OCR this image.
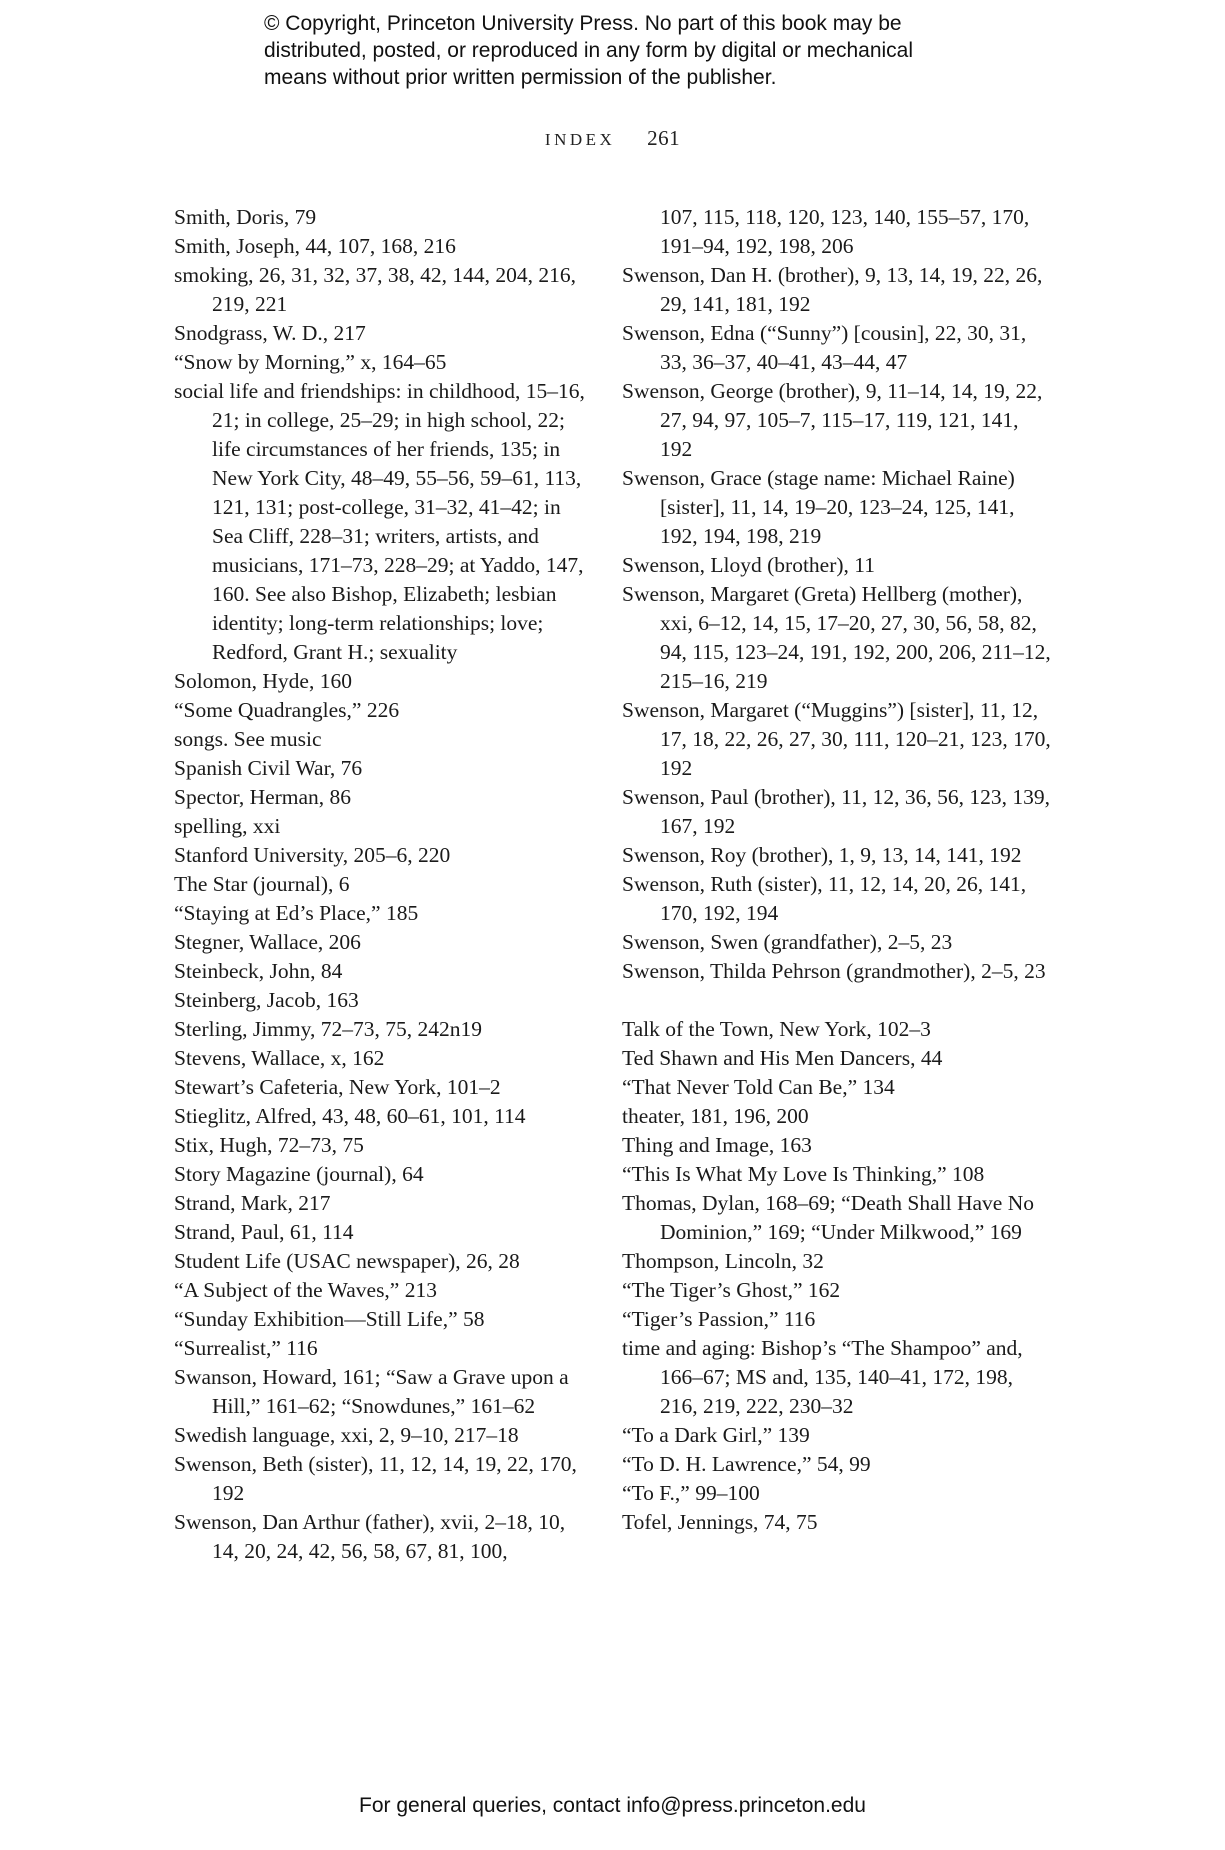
© Copyright, Princeton University Press. No part of this book may be

distributed, posted, or reproduced in any form by digital or mechanical

means without prior written permission of the publisher.

INDEX 261

Smith, Doris, 79

Smith, Joseph, 44, 107, 168, 216

smoking, 26, 31, 32, 37, 38, 42, 144, 204, 216, 219, 221

Snodgrass, W. D., 217

“Snow by Morning,” x, 164–65

social life and friendships: in childhood, 15–16, 21; in college, 25–29; in high school, 22; life circumstances of her friends, 135; in New York City, 48–49, 55–56, 59–61, 113, 121, 131; post-college, 31–32, 41–42; in Sea Cliff, 228–31; writers, artists, and musicians, 171–73, 228–29; at Yaddo, 147, 160. See also Bishop, Elizabeth; lesbian identity; long-term relationships; love; Redford, Grant H.; sexuality

Solomon, Hyde, 160

“Some Quadrangles,” 226

songs. See music

Spanish Civil War, 76

Spector, Herman, 86

spelling, xxi

Stanford University, 205–6, 220

The Star (journal), 6

“Staying at Ed’s Place,” 185

Stegner, Wallace, 206

Steinbeck, John, 84

Steinberg, Jacob, 163

Sterling, Jimmy, 72–73, 75, 242n19

Stevens, Wallace, x, 162

Stewart’s Cafeteria, New York, 101–2

Stieglitz, Alfred, 43, 48, 60–61, 101, 114

Stix, Hugh, 72–73, 75

Story Magazine (journal), 64

Strand, Mark, 217

Strand, Paul, 61, 114

Student Life (USAC newspaper), 26, 28

“A Subject of the Waves,” 213

“Sunday Exhibition—Still Life,” 58

“Surrealist,” 116

Swanson, Howard, 161; “Saw a Grave upon a Hill,” 161–62; “Snowdunes,” 161–62

Swedish language, xxi, 2, 9–10, 217–18

Swenson, Beth (sister), 11, 12, 14, 19, 22, 170, 192

Swenson, Dan Arthur (father), xvii, 2–18, 10, 14, 20, 24, 42, 56, 58, 67, 81, 100,

107, 115, 118, 120, 123, 140, 155–57, 170, 191–94, 192, 198, 206

Swenson, Dan H. (brother), 9, 13, 14, 19, 22, 26, 29, 141, 181, 192

Swenson, Edna (“Sunny”) [cousin], 22, 30, 31, 33, 36–37, 40–41, 43–44, 47

Swenson, George (brother), 9, 11–14, 14, 19, 22, 27, 94, 97, 105–7, 115–17, 119, 121, 141, 192

Swenson, Grace (stage name: Michael Raine) [sister], 11, 14, 19–20, 123–24, 125, 141, 192, 194, 198, 219

Swenson, Lloyd (brother), 11

Swenson, Margaret (Greta) Hellberg (mother), xxi, 6–12, 14, 15, 17–20, 27, 30, 56, 58, 82, 94, 115, 123–24, 191, 192, 200, 206, 211–12, 215–16, 219

Swenson, Margaret (“Muggins”) [sister], 11, 12, 17, 18, 22, 26, 27, 30, 111, 120–21, 123, 170, 192

Swenson, Paul (brother), 11, 12, 36, 56, 123, 139, 167, 192

Swenson, Roy (brother), 1, 9, 13, 14, 141, 192

Swenson, Ruth (sister), 11, 12, 14, 20, 26, 141, 170, 192, 194

Swenson, Swen (grandfather), 2–5, 23

Swenson, Thilda Pehrson (grandmother), 2–5, 23

Talk of the Town, New York, 102–3

Ted Shawn and His Men Dancers, 44

“That Never Told Can Be,” 134

theater, 181, 196, 200

Thing and Image, 163

“This Is What My Love Is Thinking,” 108

Thomas, Dylan, 168–69; “Death Shall Have No Dominion,” 169; “Under Milkwood,” 169

Thompson, Lincoln, 32

“The Tiger’s Ghost,” 162

“Tiger’s Passion,” 116

time and aging: Bishop’s “The Shampoo” and, 166–67; MS and, 135, 140–41, 172, 198, 216, 219, 222, 230–32

“To a Dark Girl,” 139

“To D. H. Lawrence,” 54, 99

“To F.,” 99–100

Tofel, Jennings, 74, 75

For general queries, contact info@press.princeton.edu
